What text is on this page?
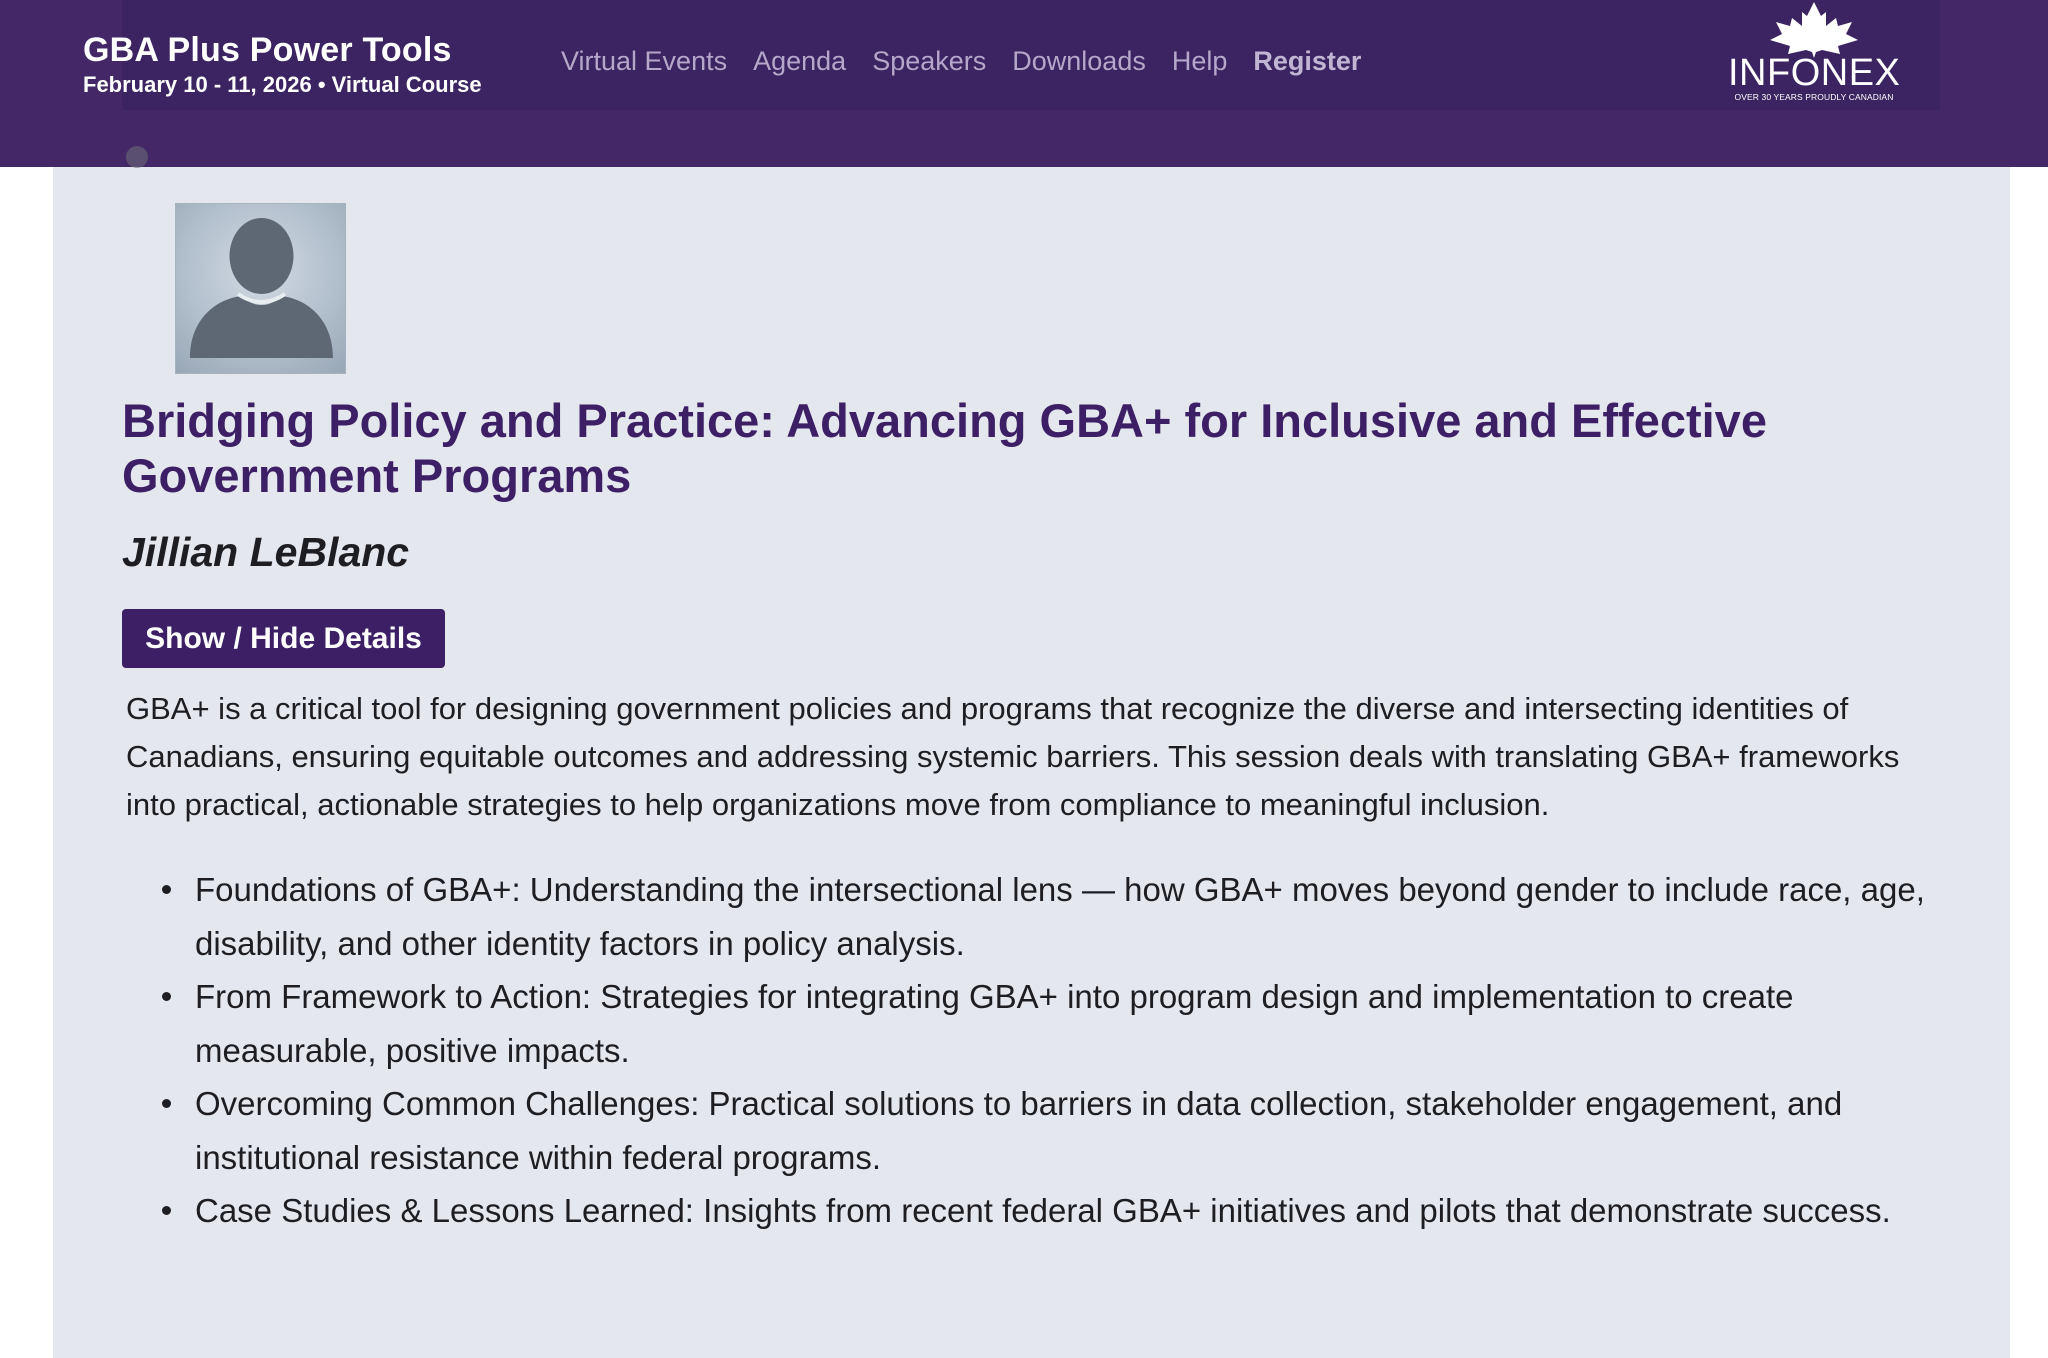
Bridging Policy and Practice: Advancing GBA+ for Inclusive and Effective Government Programs
Jillian LeBlanc
Show / Hide Details

GBA+ is a critical tool for designing government policies and programs that recognize the diverse and intersecting identities of Canadians, ensuring equitable outcomes and addressing systemic barriers. This session deals with translating GBA+ frameworks into practical, actionable strategies to help organizations move from compliance to meaningful inclusion.

Foundations of GBA+: Understanding the intersectional lens — how GBA+ moves beyond gender to include race, age, disability, and other identity factors in policy analysis.
From Framework to Action: Strategies for integrating GBA+ into program design and implementation to create measurable, positive impacts.
Overcoming Common Challenges: Practical solutions to barriers in data collection, stakeholder engagement, and institutional resistance within federal programs.
Case Studies & Lessons Learned: Insights from recent federal GBA+ initiatives and pilots that demonstrate success.
GBA Plus Power Tools
February 10 - 11, 2026 • Virtual Course
Virtual Events Agenda Speakers Downloads Help Register	INFONEX
OVER 30 YEARS PROUDLY CANADIAN
